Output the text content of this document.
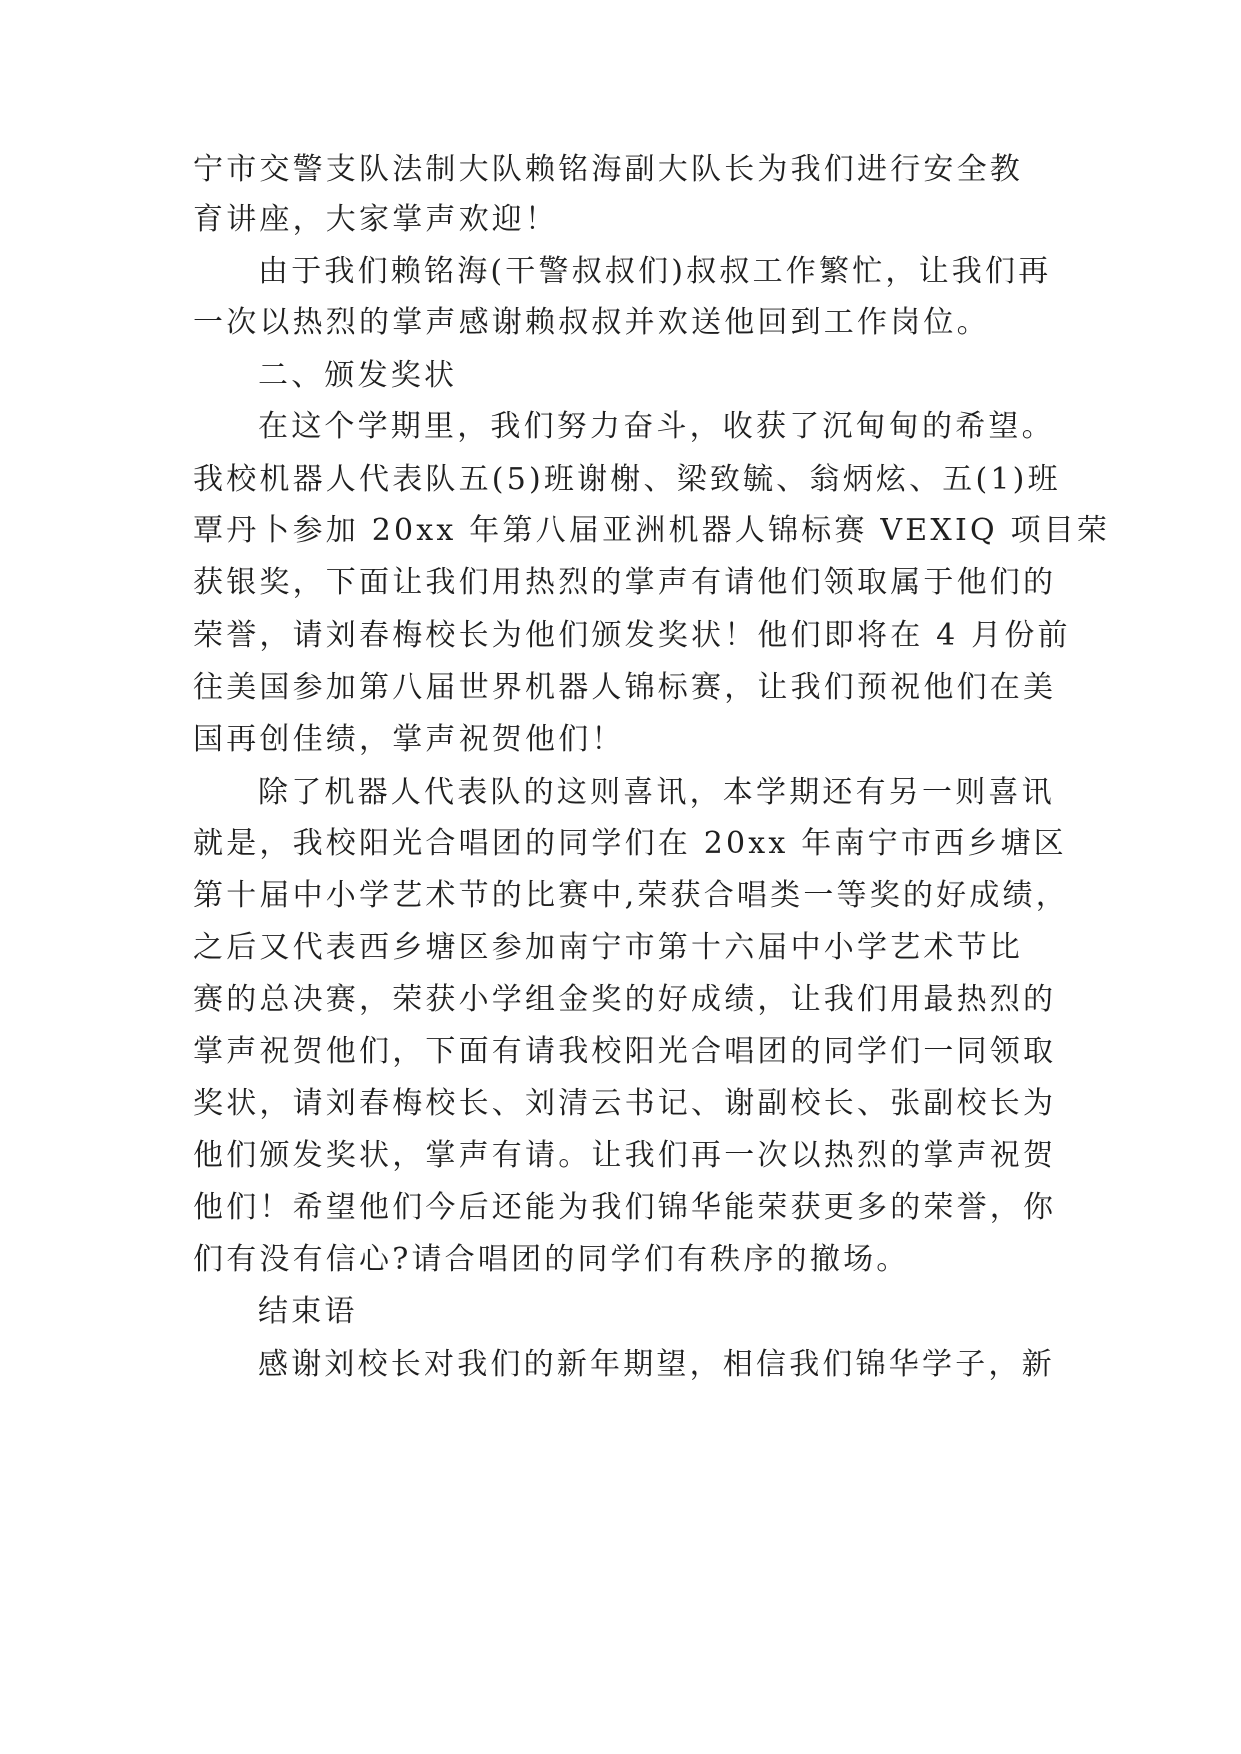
宁市交警支队法制大队赖铭海副大队长为我们进行安全教
育讲座，大家掌声欢迎！
由于我们赖铭海(干警叔叔们)叔叔工作繁忙，让我们再
一次以热烈的掌声感谢赖叔叔并欢送他回到工作岗位。
二、颁发奖状
在这个学期里，我们努力奋斗，收获了沉甸甸的希望。
我校机器人代表队五(5)班谢榭、梁致毓、翁炳炫、五(1)班
覃丹卜参加 20xx 年第八届亚洲机器人锦标赛 VEXIQ 项目荣
获银奖，下面让我们用热烈的掌声有请他们领取属于他们的
荣誉，请刘春梅校长为他们颁发奖状！他们即将在 4 月份前
往美国参加第八届世界机器人锦标赛，让我们预祝他们在美
国再创佳绩，掌声祝贺他们！
除了机器人代表队的这则喜讯，本学期还有另一则喜讯
就是，我校阳光合唱团的同学们在 20xx 年南宁市西乡塘区
第十届中小学艺术节的比赛中,荣获合唱类一等奖的好成绩，
之后又代表西乡塘区参加南宁市第十六届中小学艺术节比
赛的总决赛，荣获小学组金奖的好成绩，让我们用最热烈的
掌声祝贺他们，下面有请我校阳光合唱团的同学们一同领取
奖状，请刘春梅校长、刘清云书记、谢副校长、张副校长为
他们颁发奖状，掌声有请。让我们再一次以热烈的掌声祝贺
他们！希望他们今后还能为我们锦华能荣获更多的荣誉，你
们有没有信心?请合唱团的同学们有秩序的撤场。
结束语
感谢刘校长对我们的新年期望，相信我们锦华学子，新
